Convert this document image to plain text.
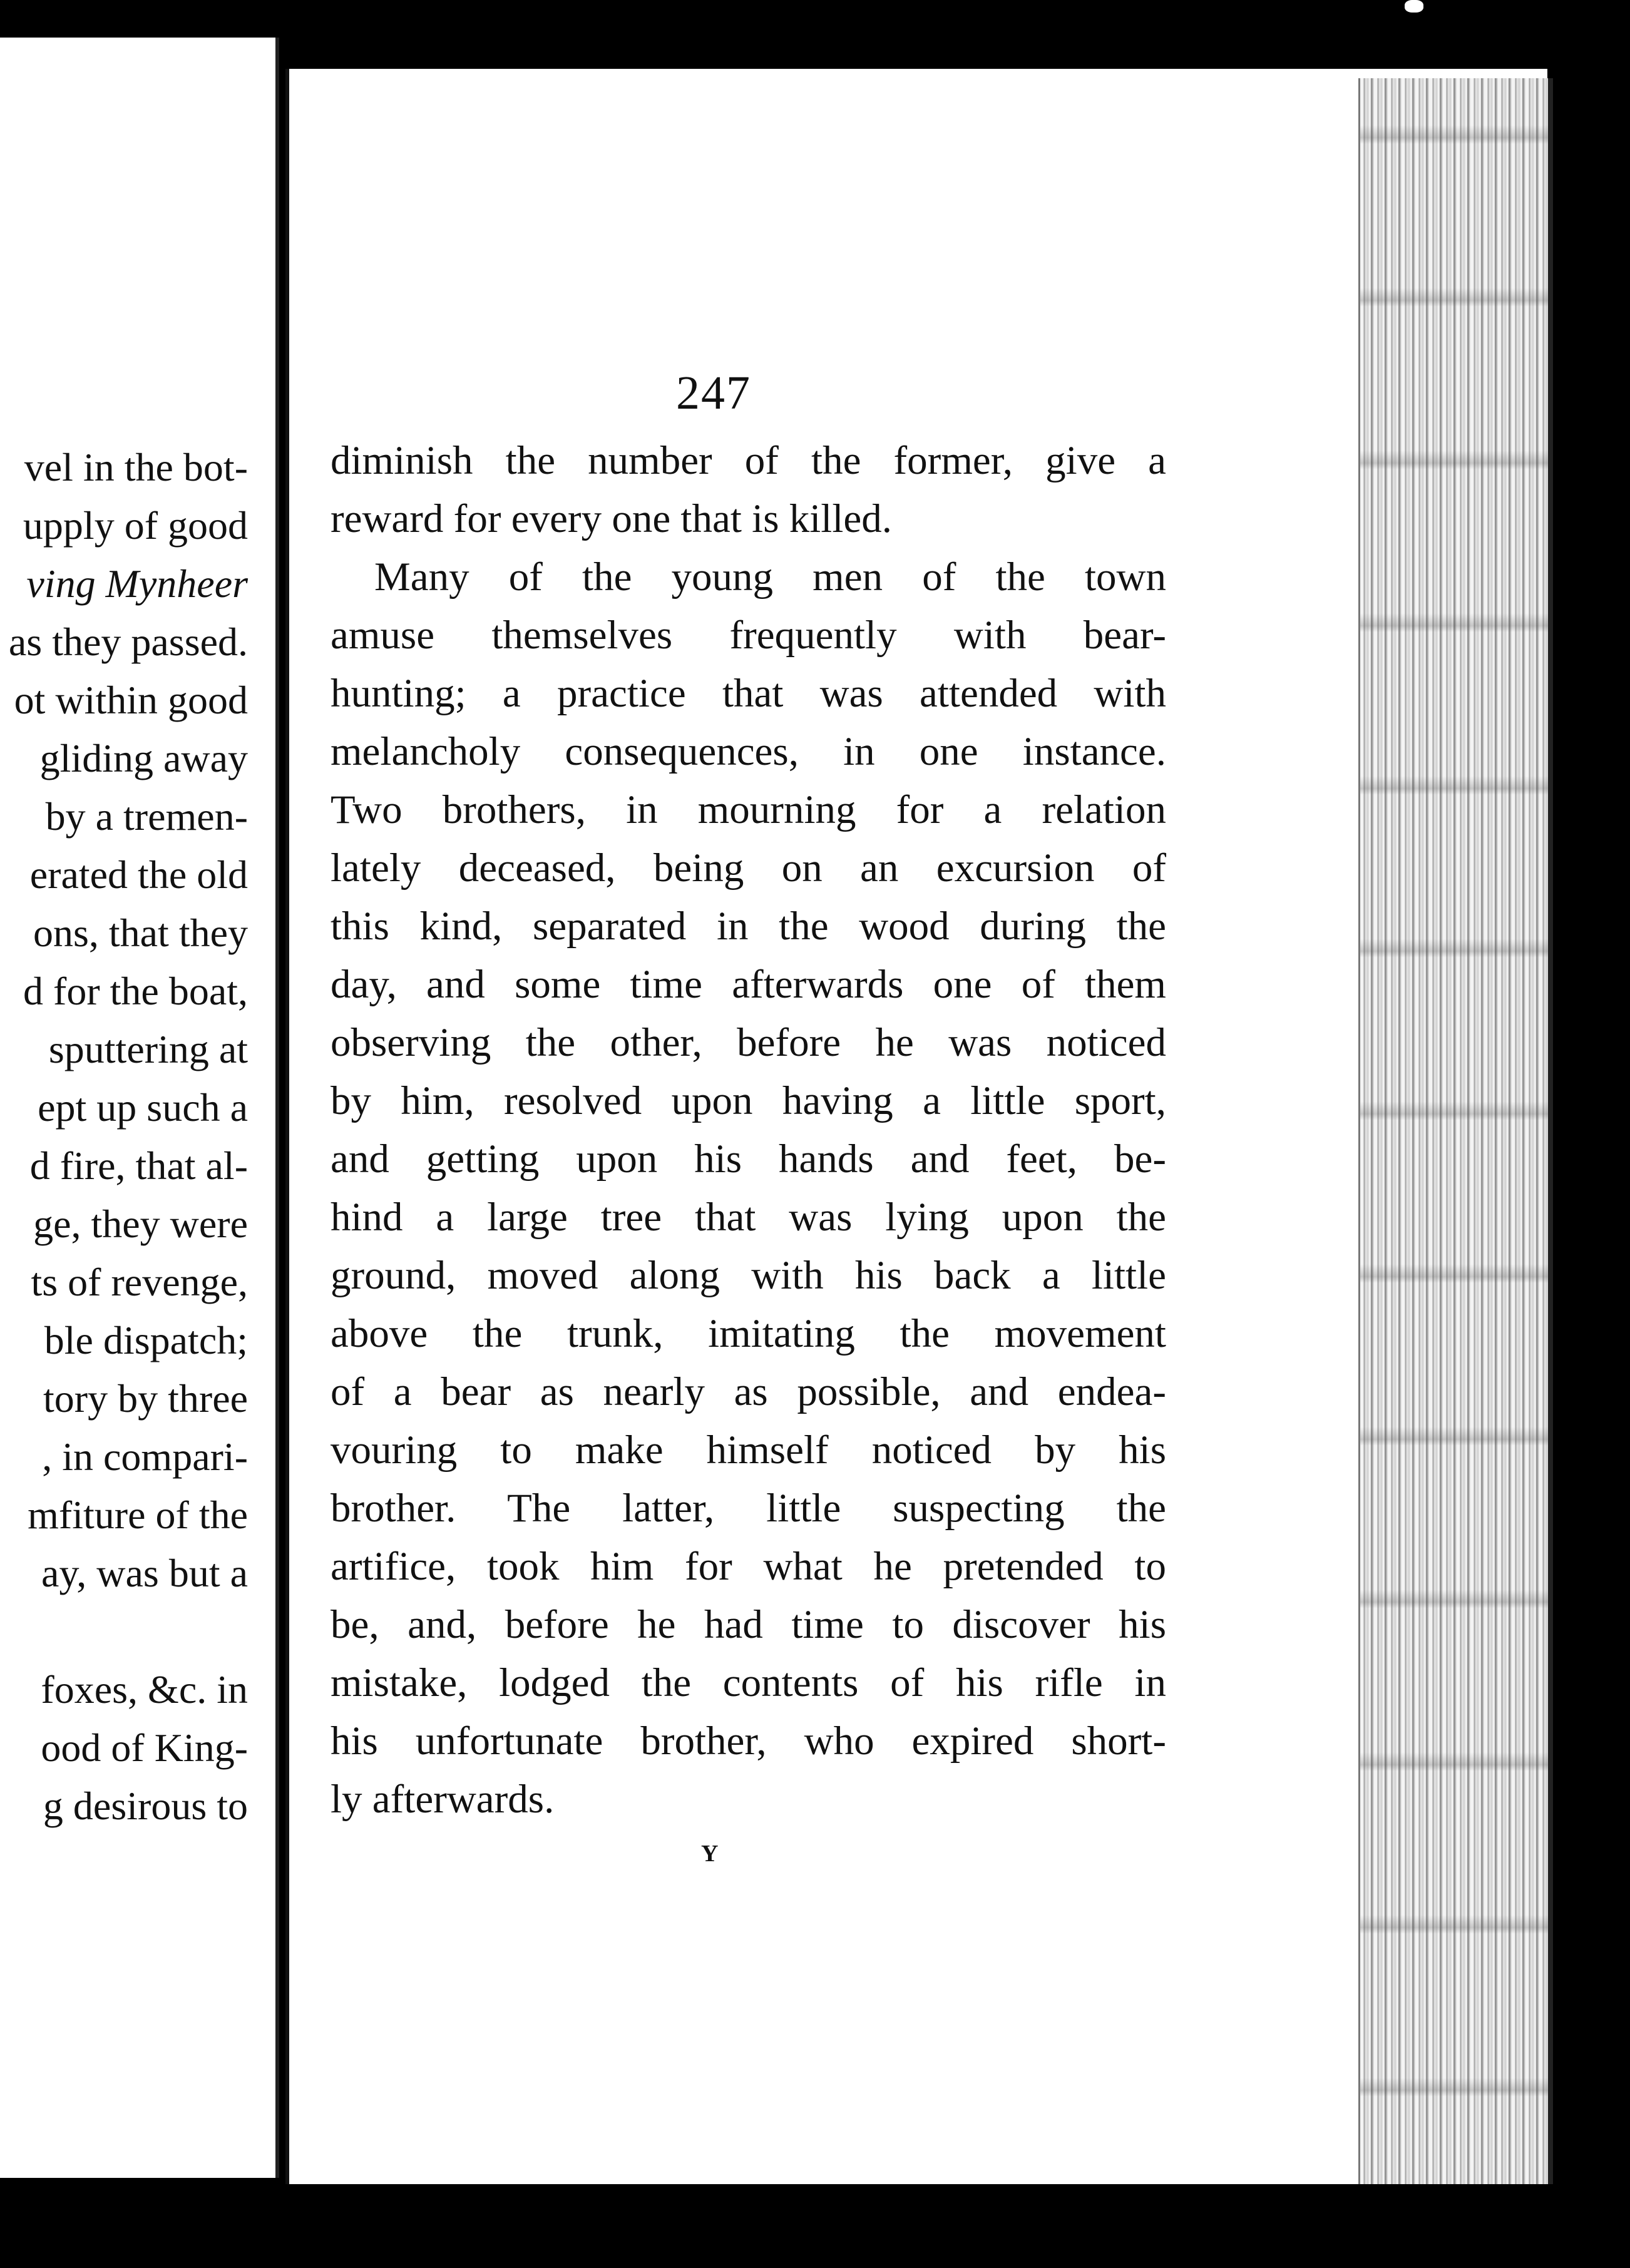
vel in the bot-
upply of good
ving Mynheer
as they passed.
ot within good
gliding away
by a tremen-
erated the old
ons, that they
d for the boat,
sputtering at
ept up such a
d fire, that al-
ge, they were
ts of revenge,
ble dispatch;
tory by three
, in compari-
mfiture of the
ay, was but a
foxes, &c. in
ood of King-
g desirous to
247
diminish the number of the former, give a
reward for every one that is killed.
Many of the young men of the town
amuse themselves frequently with bear-
hunting; a practice that was attended with
melancholy consequences, in one instance.
Two brothers, in mourning for a relation
lately deceased, being on an excursion of
this kind, separated in the wood during the
day, and some time afterwards one of them
observing the other, before he was noticed
by him, resolved upon having a little sport,
and getting upon his hands and feet, be-
hind a large tree that was lying upon the
ground, moved along with his back a little
above the trunk, imitating the movement
of a bear as nearly as possible, and endea-
vouring to make himself noticed by his
brother. The latter, little suspecting the
artifice, took him for what he pretended to
be, and, before he had time to discover his
mistake, lodged the contents of his rifle in
his unfortunate brother, who expired short-
ly afterwards.
Y
